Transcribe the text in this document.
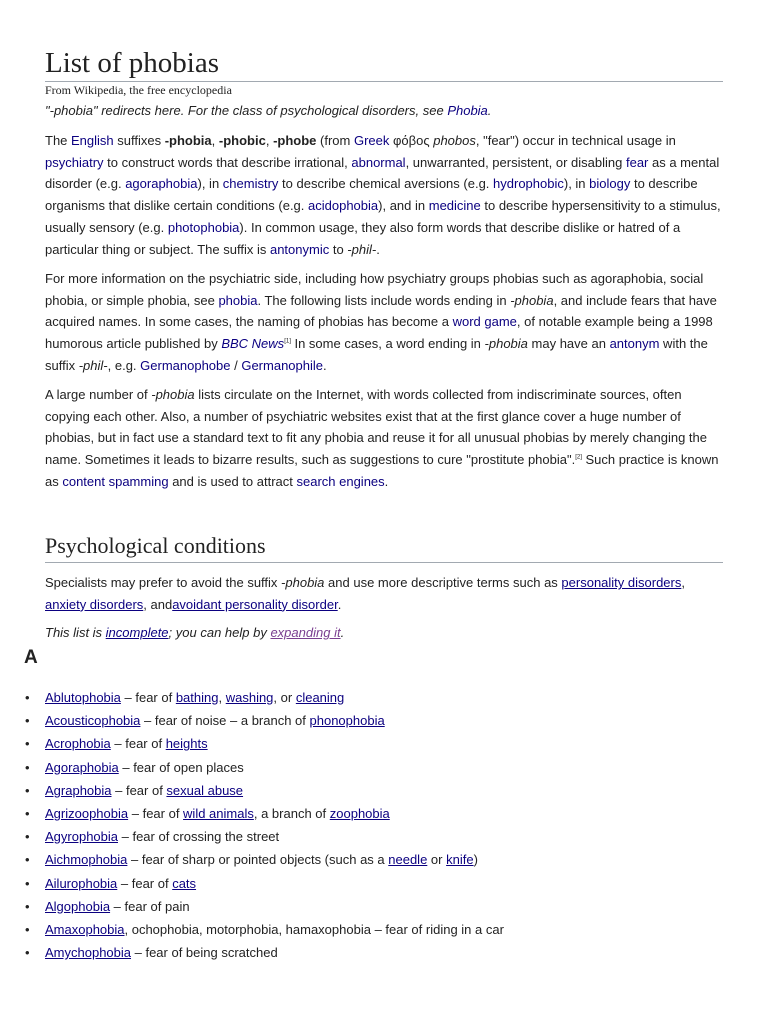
List of phobias
From Wikipedia, the free encyclopedia
"-phobia" redirects here. For the class of psychological disorders, see Phobia.

The English suffixes -phobia, -phobic, -phobe (from Greek φόβος phobos, "fear") occur in technical usage in psychiatry to construct words that describe irrational, abnormal, unwarranted, persistent, or disabling fear as a mental disorder (e.g. agoraphobia), in chemistry to describe chemical aversions (e.g. hydrophobic), in biology to describe organisms that dislike certain conditions (e.g. acidophobia), and in medicine to describe hypersensitivity to a stimulus, usually sensory (e.g. photophobia). In common usage, they also form words that describe dislike or hatred of a particular thing or subject. The suffix is antonymic to -phil-.

For more information on the psychiatric side, including how psychiatry groups phobias such as agoraphobia, social phobia, or simple phobia, see phobia. The following lists include words ending in -phobia, and include fears that have acquired names. In some cases, the naming of phobias has become a word game, of notable example being a 1998 humorous article published by BBC News[1] In some cases, a word ending in -phobia may have an antonym with the suffix -phil-, e.g. Germanophobe / Germanophile.

A large number of -phobia lists circulate on the Internet, with words collected from indiscriminate sources, often copying each other. Also, a number of psychiatric websites exist that at the first glance cover a huge number of phobias, but in fact use a standard text to fit any phobia and reuse it for all unusual phobias by merely changing the name. Sometimes it leads to bizarre results, such as suggestions to cure "prostitute phobia".[2] Such practice is known as content spamming and is used to attract search engines.

Psychological conditions

Specialists may prefer to avoid the suffix -phobia and use more descriptive terms such as personality disorders, anxiety disorders, andavoidant personality disorder.

This list is incomplete; you can help by expanding it.
A
• Ablutophobia – fear of bathing, washing, or cleaning
• Acousticophobia – fear of noise – a branch of phonophobia
• Acrophobia – fear of heights
• Agoraphobia – fear of open places
• Agraphobia – fear of sexual abuse
• Agrizoophobia – fear of wild animals, a branch of zoophobia
• Agyrophobia – fear of crossing the street
• Aichmophobia – fear of sharp or pointed objects (such as a needle or knife)
• Ailurophobia – fear of cats
• Algophobia – fear of pain
• Amaxophobia, ochophobia, motorphobia, hamaxophobia – fear of riding in a car
• Amychophobia – fear of being scratched
